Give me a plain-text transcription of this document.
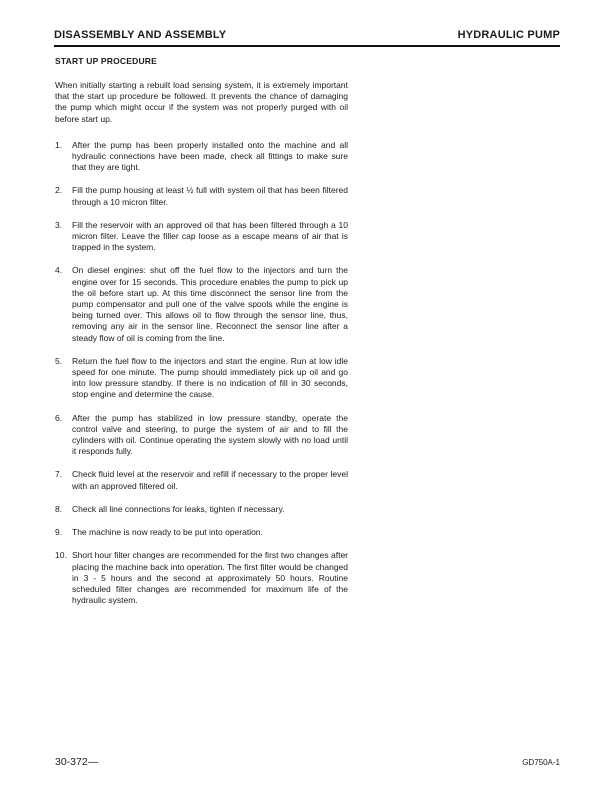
DISASSEMBLY AND ASSEMBLY	HYDRAULIC PUMP
START UP PROCEDURE

When initially starting a rebuilt load sensing system, it is extremely important that the start up procedure be followed. It prevents the chance of damaging the pump which might occur if the system was not properly purged with oil before start up.

1.	After the pump has been properly installed onto the machine and all hydraulic connections have been made, check all fittings to make sure that they are tight.
2.	Fill the pump housing at least ½ full with system oil that has been filtered through a 10 micron filter.
3.	Fill the reservoir with an approved oil that has been filtered through a 10 micron filter. Leave the filler cap loose as a escape means of air that is trapped in the system.
4.	On diesel engines: shut off the fuel flow to the injectors and turn the engine over for 15 seconds. This procedure enables the pump to pick up the oil before start up. At this time disconnect the sensor line from the pump compensator and pull one of the valve spools while the engine is being turned over. This allows oil to flow through the sensor line, thus, removing any air in the sensor line. Reconnect the sensor line after a steady flow of oil is coming from the line.
5.	Return the fuel flow to the injectors and start the engine. Run at low idle speed for one minute. The pump should immediately pick up oil and go into low pressure standby. If there is no indication of fill in 30 seconds, stop engine and determine the cause.
6.	After the pump has stabilized in low pressure standby, operate the control valve and steering, to purge the system of air and to fill the cylinders with oil. Continue operating the system slowly with no load until it responds fully.
7.	Check fluid level at the reservoir and refill if necessary to the proper level with an approved filtered oil.
8.	Check all line connections for leaks, tighten if necessary.
9.	The machine is now ready to be put into operation.
10. Short hour filter changes are recommended for the first two changes after placing the machine back into operation. The first filter would be changed in 3 - 5 hours and the second at approximately 50 hours. Routine scheduled filter changes are recommended for maximum life of the hydraulic system.
30-372—	GD750A-1
